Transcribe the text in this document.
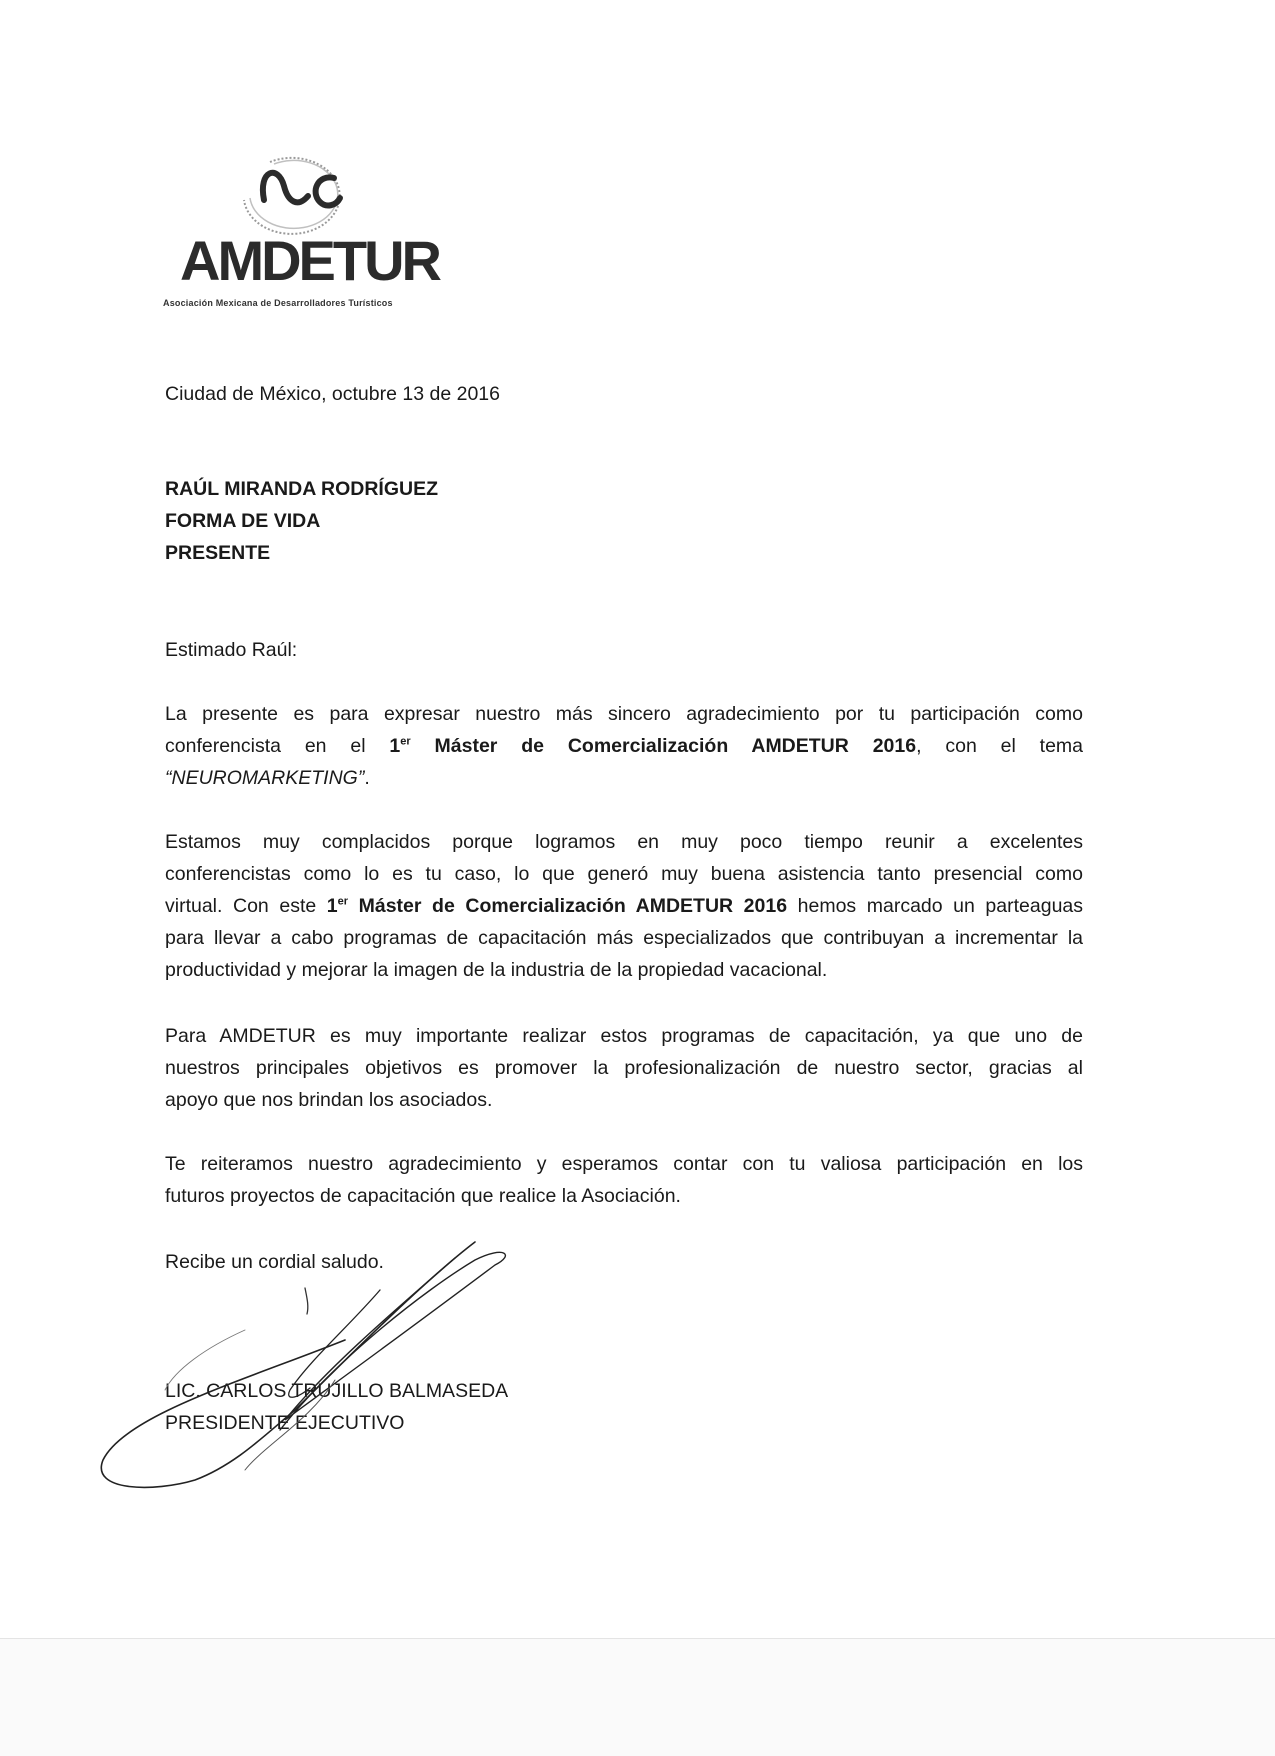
AMDETUR
Asociación Mexicana de Desarrolladores Turísticos
Ciudad de México, octubre 13 de 2016
RAÚL MIRANDA RODRÍGUEZ
FORMA DE VIDA
PRESENTE
Estimado Raúl:
La presente es para expresar nuestro más sincero agradecimiento por tu participación como
conferencista en el 1er Máster de Comercialización AMDETUR 2016, con el tema
“NEUROMARKETING”.
Estamos muy complacidos porque logramos en muy poco tiempo reunir a excelentes
conferencistas como lo es tu caso, lo que generó muy buena asistencia tanto presencial como
virtual. Con este 1er Máster de Comercialización AMDETUR 2016 hemos marcado un parteaguas
para llevar a cabo programas de capacitación más especializados que contribuyan a incrementar la
productividad y mejorar la imagen de la industria de la propiedad vacacional.
Para AMDETUR es muy importante realizar estos programas de capacitación, ya que uno de
nuestros principales objetivos es promover la profesionalización de nuestro sector, gracias al
apoyo que nos brindan los asociados.
Te reiteramos nuestro agradecimiento y esperamos contar con tu valiosa participación en los
futuros proyectos de capacitación que realice la Asociación.
Recibe un cordial saludo.
LIC. CARLOS TRUJILLO BALMASEDA
PRESIDENTE EJECUTIVO
